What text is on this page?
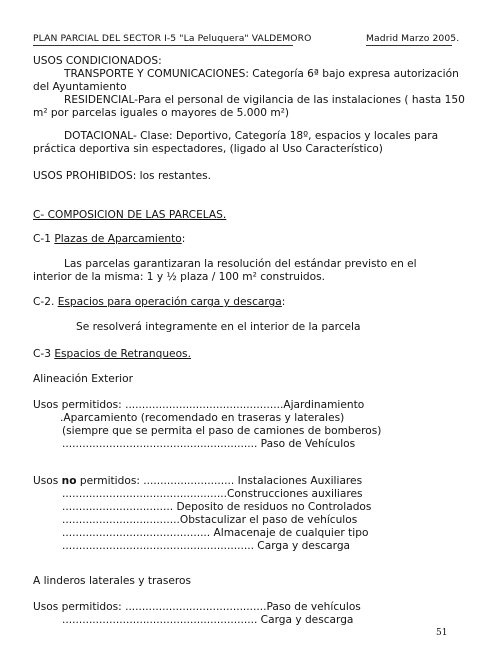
PLAN PARCIAL DEL SECTOR I-5 "La Peluquera" VALDEMORO	Madrid Marzo 2005.
USOS CONDICIONADOS:
TRANSPORTE Y COMUNICACIONES: Categoría 6ª bajo expresa autorización
del Ayuntamiento
RESIDENCIAL-Para el personal de vigilancia de las instalaciones ( hasta 150
m² por parcelas iguales o mayores de 5.000 m²)
DOTACIONAL- Clase: Deportivo, Categoría 18º, espacios y locales para
práctica deportiva sin espectadores, (ligado al Uso Característico)
USOS PROHIBIDOS: los restantes.
C- COMPOSICION DE LAS PARCELAS.
C-1 Plazas de Aparcamiento:
Las parcelas garantizaran la resolución del estándar previsto en el
interior de la misma: 1 y ½ plaza / 100 m² construidos.
C-2. Espacios para operación carga y descarga:
Se resolverá integramente en el interior de la parcela
C-3 Espacios de Retranqueos.
Alineación Exterior
Usos permitidos: ...............................................Ajardinamiento
.Aparcamiento (recomendado en traseras y laterales)
(siempre que se permita el paso de camiones de bomberos)
.......................................................... Paso de Vehículos
Usos no permitidos: ........................... Instalaciones Auxiliares
.................................................Construcciones auxiliares
................................. Deposito de residuos no Controlados
...................................Obstaculizar el paso de vehículos
............................................ Almacenaje de cualquier tipo
......................................................... Carga y descarga
A linderos laterales y traseros
Usos permitidos: ..........................................Paso de vehículos
.......................................................... Carga y descarga
51
